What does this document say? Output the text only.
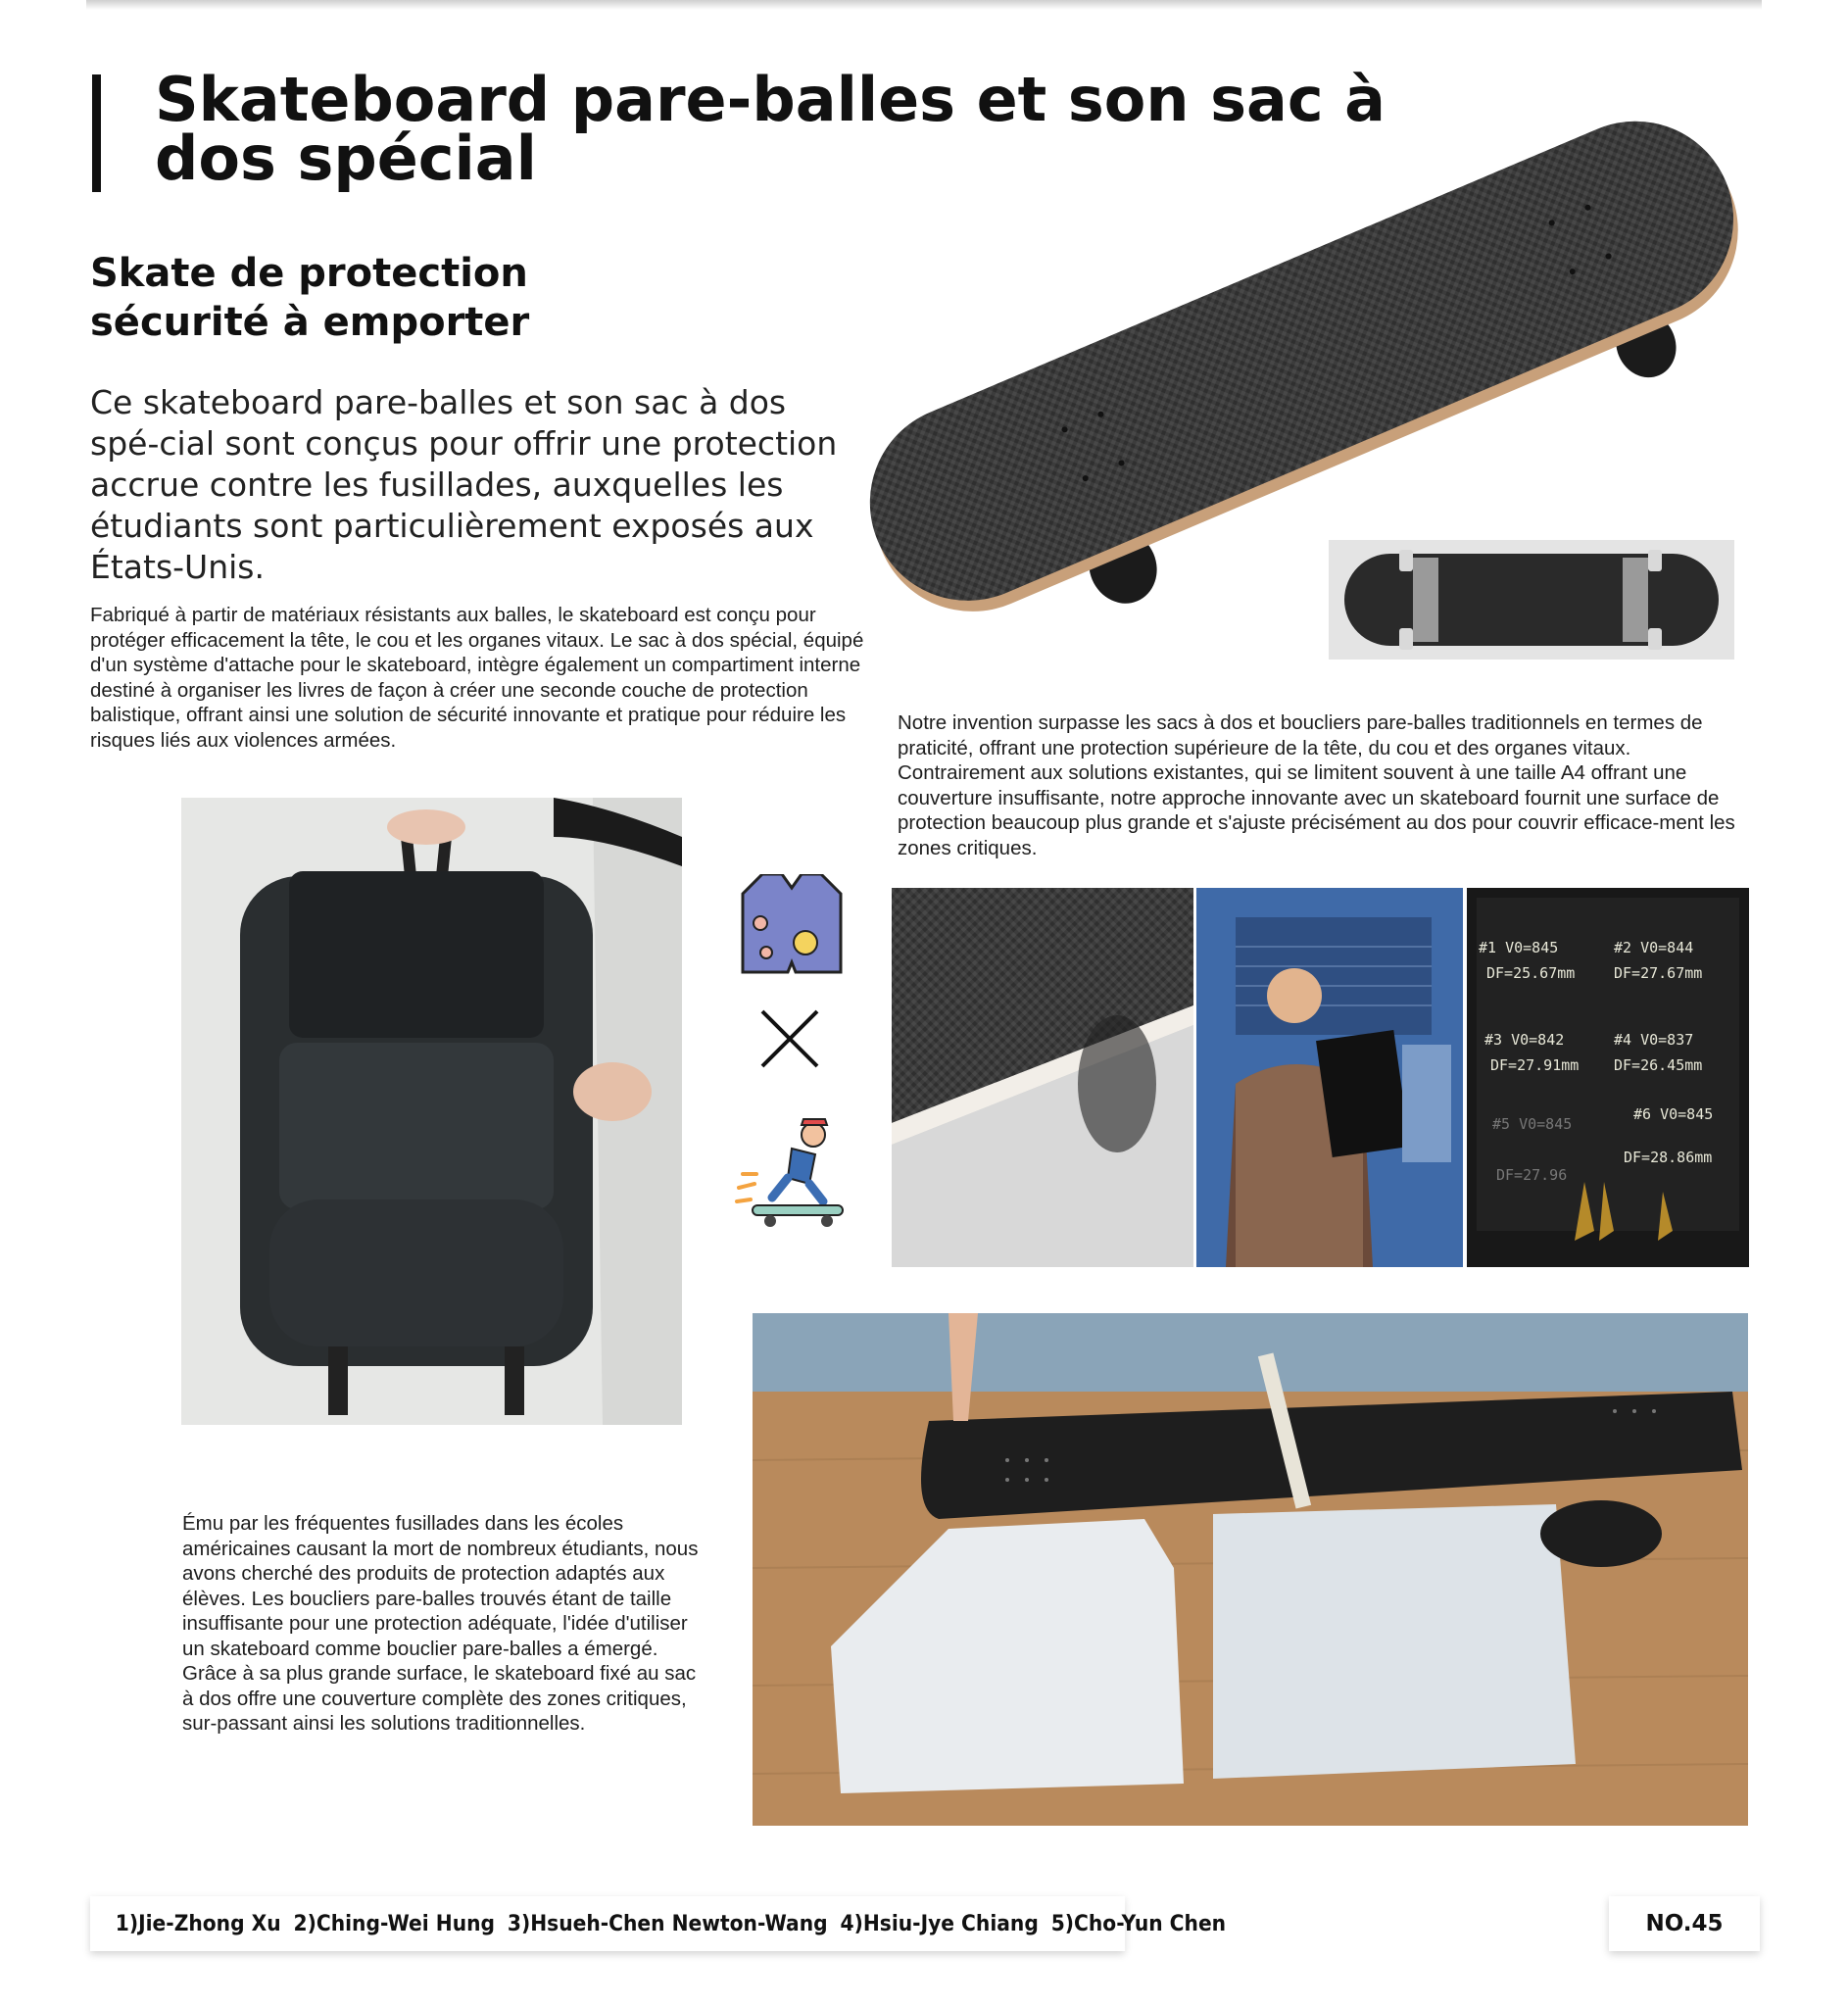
Skateboard pare-balles et son sac à dos spécial
Skate de protection sécurité à emporter

Ce skateboard pare-balles et son sac à dos spé-cial sont conçus pour offrir une protection accrue contre les fusillades, auxquelles les étudiants sont particulièrement exposés aux États-Unis.

Fabriqué à partir de matériaux résistants aux balles, le skateboard est conçu pour protéger efficacement la tête, le cou et les organes vitaux. Le sac à dos spécial, équipé d'un système d'attache pour le skateboard, intègre également un compartiment interne destiné à organiser les livres de façon à créer une seconde couche de protection balistique, offrant ainsi une solution de sécurité innovante et pratique pour réduire les risques liés aux violences armées.

Notre invention surpasse les sacs à dos et boucliers pare-balles traditionnels en termes de praticité, offrant une protection supérieure de la tête, du cou et des organes vitaux. Contrairement aux solutions existantes, qui se limitent souvent à une taille A4 offrant une couverture insuffisante, notre approche innovante avec un skateboard fournit une surface de protection beaucoup plus grande et s'ajuste précisément au dos pour couvrir efficace-ment les zones critiques.

Ému par les fréquentes fusillades dans les écoles américaines causant la mort de nombreux étudiants, nous avons cherché des produits de protection adaptés aux élèves. Les boucliers pare-balles trouvés étant de taille insuffisante pour une protection adéquate, l'idée d'utiliser un skateboard comme bouclier pare-balles a émergé. Grâce à sa plus grande surface, le skateboard fixé au sac à dos offre une couverture complète des zones critiques, sur-passant ainsi les solutions traditionnelles.

#1 V0=845
DF=25.67mm
#2 V0=844
DF=27.67mm
#3 V0=842
DF=27.91mm
#4 V0=837
DF=26.45mm
#5 V0=845
#6 V0=845
DF=27.96
DF=28.86mm
1)Jie-Zhong Xu 2)Ching-Wei Hung 3)Hsueh-Chen Newton-Wang 4)Hsiu-Jye Chiang 5)Cho-Yun Chen	NO.45
